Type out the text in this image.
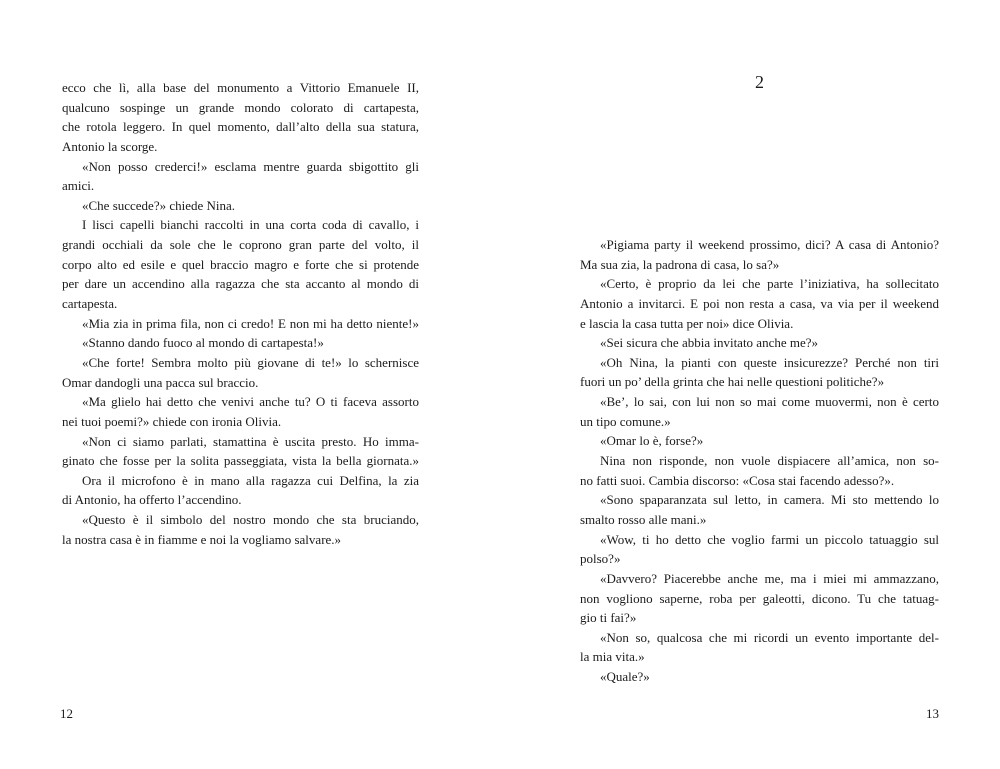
ecco che lì, alla base del monumento a Vittorio Emanuele II,
qualcuno sospinge un grande mondo colorato di cartapesta,
che rotola leggero. In quel momento, dall’alto della sua statura,
Antonio la scorge.
«Non posso crederci!» esclama mentre guarda sbigottito gli
amici.
«Che succede?» chiede Nina.
I lisci capelli bianchi raccolti in una corta coda di cavallo, i
grandi occhiali da sole che le coprono gran parte del volto, il
corpo alto ed esile e quel braccio magro e forte che si protende
per dare un accendino alla ragazza che sta accanto al mondo di
cartapesta.
«Mia zia in prima fila, non ci credo! E non mi ha detto niente!»
«Stanno dando fuoco al mondo di cartapesta!»
«Che forte! Sembra molto più giovane di te!» lo schernisce
Omar dandogli una pacca sul braccio.
«Ma glielo hai detto che venivi anche tu? O ti faceva assorto
nei tuoi poemi?» chiede con ironia Olivia.
«Non ci siamo parlati, stamattina è uscita presto. Ho imma-
ginato che fosse per la solita passeggiata, vista la bella giornata.»
Ora il microfono è in mano alla ragazza cui Delfina, la zia
di Antonio, ha offerto l’accendino.
«Questo è il simbolo del nostro mondo che sta bruciando,
la nostra casa è in fiamme e noi la vogliamo salvare.»
2
«Pigiama party il weekend prossimo, dici? A casa di Antonio?
Ma sua zia, la padrona di casa, lo sa?»
«Certo, è proprio da lei che parte l’iniziativa, ha sollecitato
Antonio a invitarci. E poi non resta a casa, va via per il weekend
e lascia la casa tutta per noi» dice Olivia.
«Sei sicura che abbia invitato anche me?»
«Oh Nina, la pianti con queste insicurezze? Perché non tiri
fuori un po’ della grinta che hai nelle questioni politiche?»
«Be’, lo sai, con lui non so mai come muovermi, non è certo
un tipo comune.»
«Omar lo è, forse?»
Nina non risponde, non vuole dispiacere all’amica, non so-
no fatti suoi. Cambia discorso: «Cosa stai facendo adesso?».
«Sono spaparanzata sul letto, in camera. Mi sto mettendo lo
smalto rosso alle mani.»
«Wow, ti ho detto che voglio farmi un piccolo tatuaggio sul
polso?»
«Davvero? Piacerebbe anche me, ma i miei mi ammazzano,
non vogliono saperne, roba per galeotti, dicono. Tu che tatuag-
gio ti fai?»
«Non so, qualcosa che mi ricordi un evento importante del-
la mia vita.»
«Quale?»
12	13
